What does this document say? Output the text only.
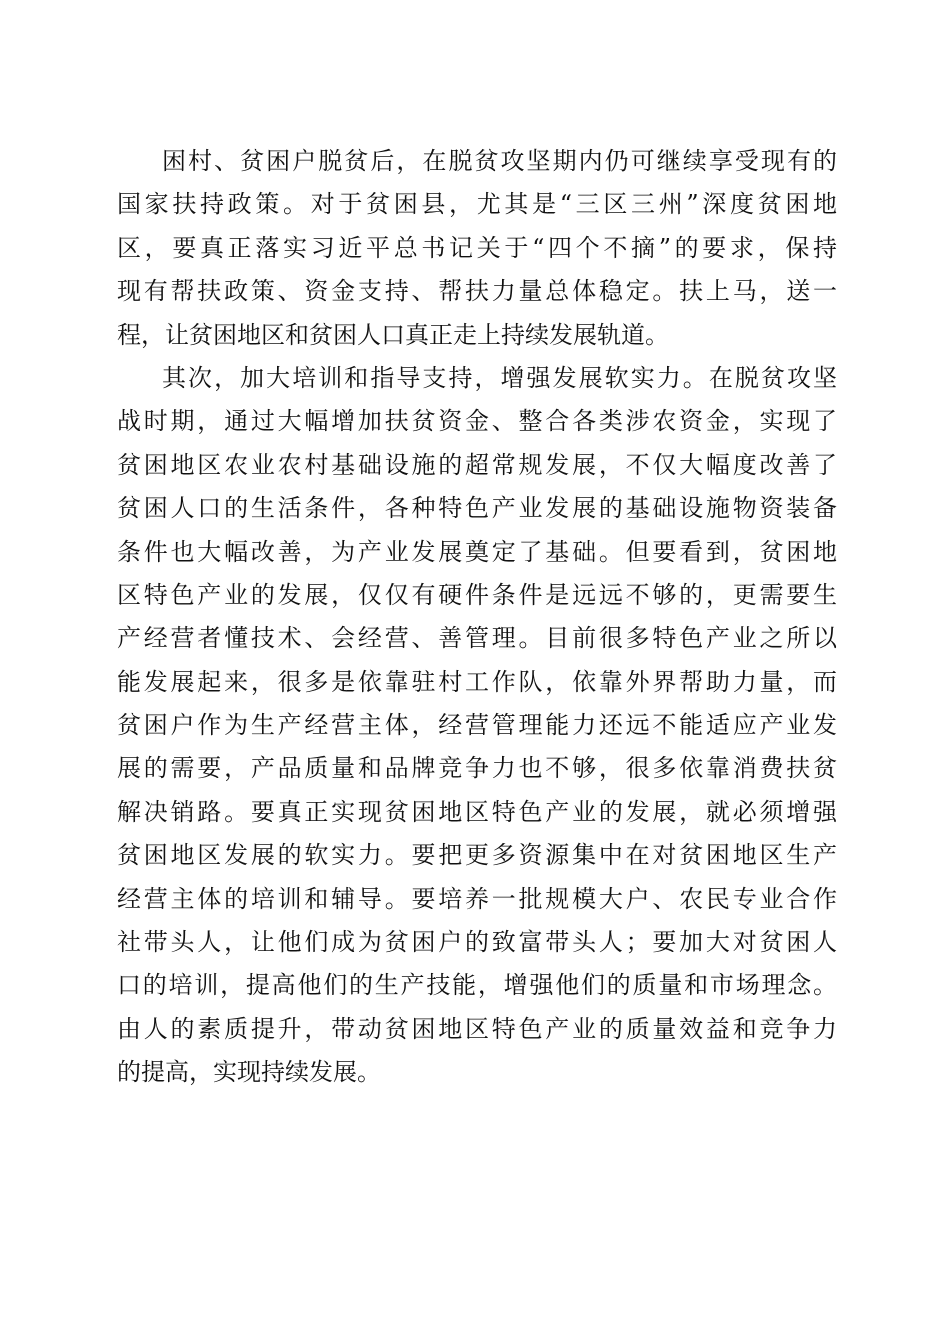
困村、贫困户脱贫后，在脱贫攻坚期内仍可继续享受现有的
国家扶持政策。对于贫困县，尤其是“三区三州”深度贫困地
区，要真正落实习近平总书记关于“四个不摘”的要求，保持
现有帮扶政策、资金支持、帮扶力量总体稳定。扶上马，送一
程，让贫困地区和贫困人口真正走上持续发展轨道。
其次，加大培训和指导支持，增强发展软实力。在脱贫攻坚
战时期，通过大幅增加扶贫资金、整合各类涉农资金，实现了
贫困地区农业农村基础设施的超常规发展，不仅大幅度改善了
贫困人口的生活条件，各种特色产业发展的基础设施物资装备
条件也大幅改善，为产业发展奠定了基础。但要看到，贫困地
区特色产业的发展，仅仅有硬件条件是远远不够的，更需要生
产经营者懂技术、会经营、善管理。目前很多特色产业之所以
能发展起来，很多是依靠驻村工作队，依靠外界帮助力量，而
贫困户作为生产经营主体，经营管理能力还远不能适应产业发
展的需要，产品质量和品牌竞争力也不够，很多依靠消费扶贫
解决销路。要真正实现贫困地区特色产业的发展，就必须增强
贫困地区发展的软实力。要把更多资源集中在对贫困地区生产
经营主体的培训和辅导。要培养一批规模大户、农民专业合作
社带头人，让他们成为贫困户的致富带头人；要加大对贫困人
口的培训，提高他们的生产技能，增强他们的质量和市场理念。
由人的素质提升，带动贫困地区特色产业的质量效益和竞争力
的提高，实现持续发展。
